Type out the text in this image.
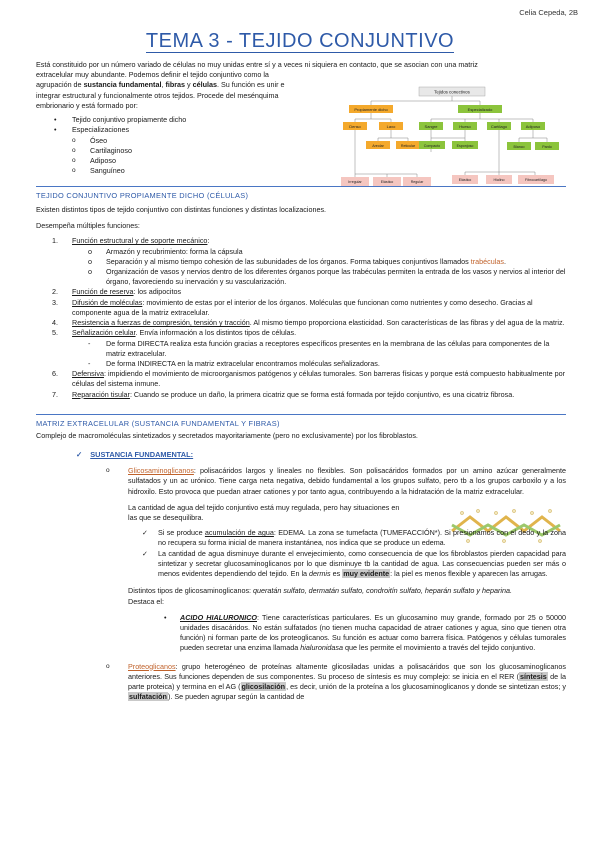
Celia Cepeda, 2B
TEMA 3 - TEJIDO CONJUNTIVO

Está constituido por un número variado de células no muy unidas entre sí y a veces ni siquiera en contacto, que se asocian con una matriz

extracelular muy abundante. Podemos definir el tejido conjuntivo como la

agrupación de sustancia fundamental, fibras y células. Su función es unir e

integrar estructural y funcionalmente otros tejidos. Procede del mesénquima

embrionario y está formado por:

• Tejido conjuntivo propiamente dicho
• Especializaciones
o Óseo
o Cartilaginoso
o Adiposo
o Sanguíneo
Tejidos conectivos
Propiamente dicho	Especializado
Denso	Laxo	Sangre	Hueso	Cartílago	Adiposo
Areolar	Reticular Compacto	Esponjoso	Blanco	Pardo
Irregular	Elástico	Regular	Elástico	Hialino	Fibrocartílago
TEJIDO CONJUNTIVO PROPIAMENTE DICHO (CÉLULAS)

Existen distintos tipos de tejido conjuntivo con distintas funciones y distintas localizaciones.

Desempeña múltiples funciones:

1. Función estructural y de soporte mecánico:
o Armazón y recubrimiento: forma la cápsula
o Separación y al mismo tiempo cohesión de las subunidades de los órganos. Forma tabiques conjuntivos llamados trabéculas.
o Organización de vasos y nervios dentro de los diferentes órganos porque las trabéculas permiten la entrada de los vasos y nervios al interior del órgano, favoreciendo su inervación y su vascularización.
2. Función de reserva: los adipocitos
3. Difusión de moléculas: movimiento de estas por el interior de los órganos. Moléculas que funcionan como nutrientes y como desecho. Gracias al componente agua de la matriz extracelular.
4. Resistencia a fuerzas de compresión, tensión y tracción. Al mismo tiempo proporciona elasticidad. Son características de las fibras y del agua de la matriz.
5. Señalización celular. Envía información a los distintos tipos de células.
- De forma DIRECTA realiza esta función gracias a receptores específicos presentes en la membrana de las células para componentes de la matriz extracelular.
- De forma INDIRECTA en la matriz extracelular encontramos moléculas señalizadoras.
6. Defensiva: impidiendo el movimiento de microorganismos patógenos y células tumorales. Son barreras físicas y porque está compuesto habitualmente por células del sistema inmune.
7. Reparación tisular: Cuando se produce un daño, la primera cicatriz que se forma está formada por tejido conjuntivo, es una cicatriz fibrosa.
MATRIZ EXTRACELULAR (SUSTANCIA FUNDAMENTAL Y FIBRAS)

Complejo de macromoléculas sintetizados y secretados mayoritariamente (pero no exclusivamente) por los fibroblastos.

✓ SUSTANCIA FUNDAMENTAL:
o	Glicosaminoglicanos: polisacáridos largos y lineales no flexibles. Son polisacáridos formados por un amino azúcar generalmente sulfatados y un ac urónico. Tiene carga neta negativa, debido fundamental a los grupos sulfato, pero tb a los grupos carboxilo y a los hidroxilo. Esto provoca que puedan atraer cationes y por tanto agua, contribuyendo a la hidratación de la matriz extracelular.

La cantidad de agua del tejido conjuntivo está muy regulada, pero hay situaciones en las que se desequilibra.

✓ Si se produce acumulación de agua: EDEMA. La zona se tumefacta (TUMEFACCIÓN*). Si presionamos con el dedo y la zona no recupera su forma inicial de manera instantánea, nos indica que se produce un edema.
✓ La cantidad de agua disminuye durante el envejecimiento, como consecuencia de que los fibroblastos pierden capacidad para sintetizar y secretar glucosaminoglicanos por lo que disminuye tb la cantidad de agua. Las consecuencias pueden ser más o menos evidentes dependiendo del tejido. En la dermis es muy evidente: la piel es menos flexible y aparecen las arrugas.

Distintos tipos de glicosaminoglicanos: queratán sulfato, dermatán sulfato, condroitín sulfato, heparán sulfato y heparina.

Destaca el:

• ACIDO HIALURONICO: Tiene características particulares. Es un glucosamino muy grande, formado por 25 o 50000 unidades disacáridos. No están sulfatados (no tienen mucha capacidad de atraer cationes y agua, sino que tienen otra función) ni forman parte de los proteoglicanos. Su función es actuar como barrera física. Patógenos y células tumorales pueden secretar una enzima llamada hialuronidasa que les permite el movimiento a través del tejido conjuntivo.
o	Proteoglicanos: grupo heterogéneo de proteínas altamente glicosiladas unidas a polisacáridos que son los glucosaminoglicanos anteriores. Sus funciones dependen de sus componentes. Su proceso de síntesis es muy complejo: se inicia en el RER (síntesis de la parte proteica) y termina en el AG (glicosilación, es decir, unión de la proteína a los glucosaminoglicanos y donde se sintetizan estos; y sulfatación). Se pueden agrupar según la cantidad de
